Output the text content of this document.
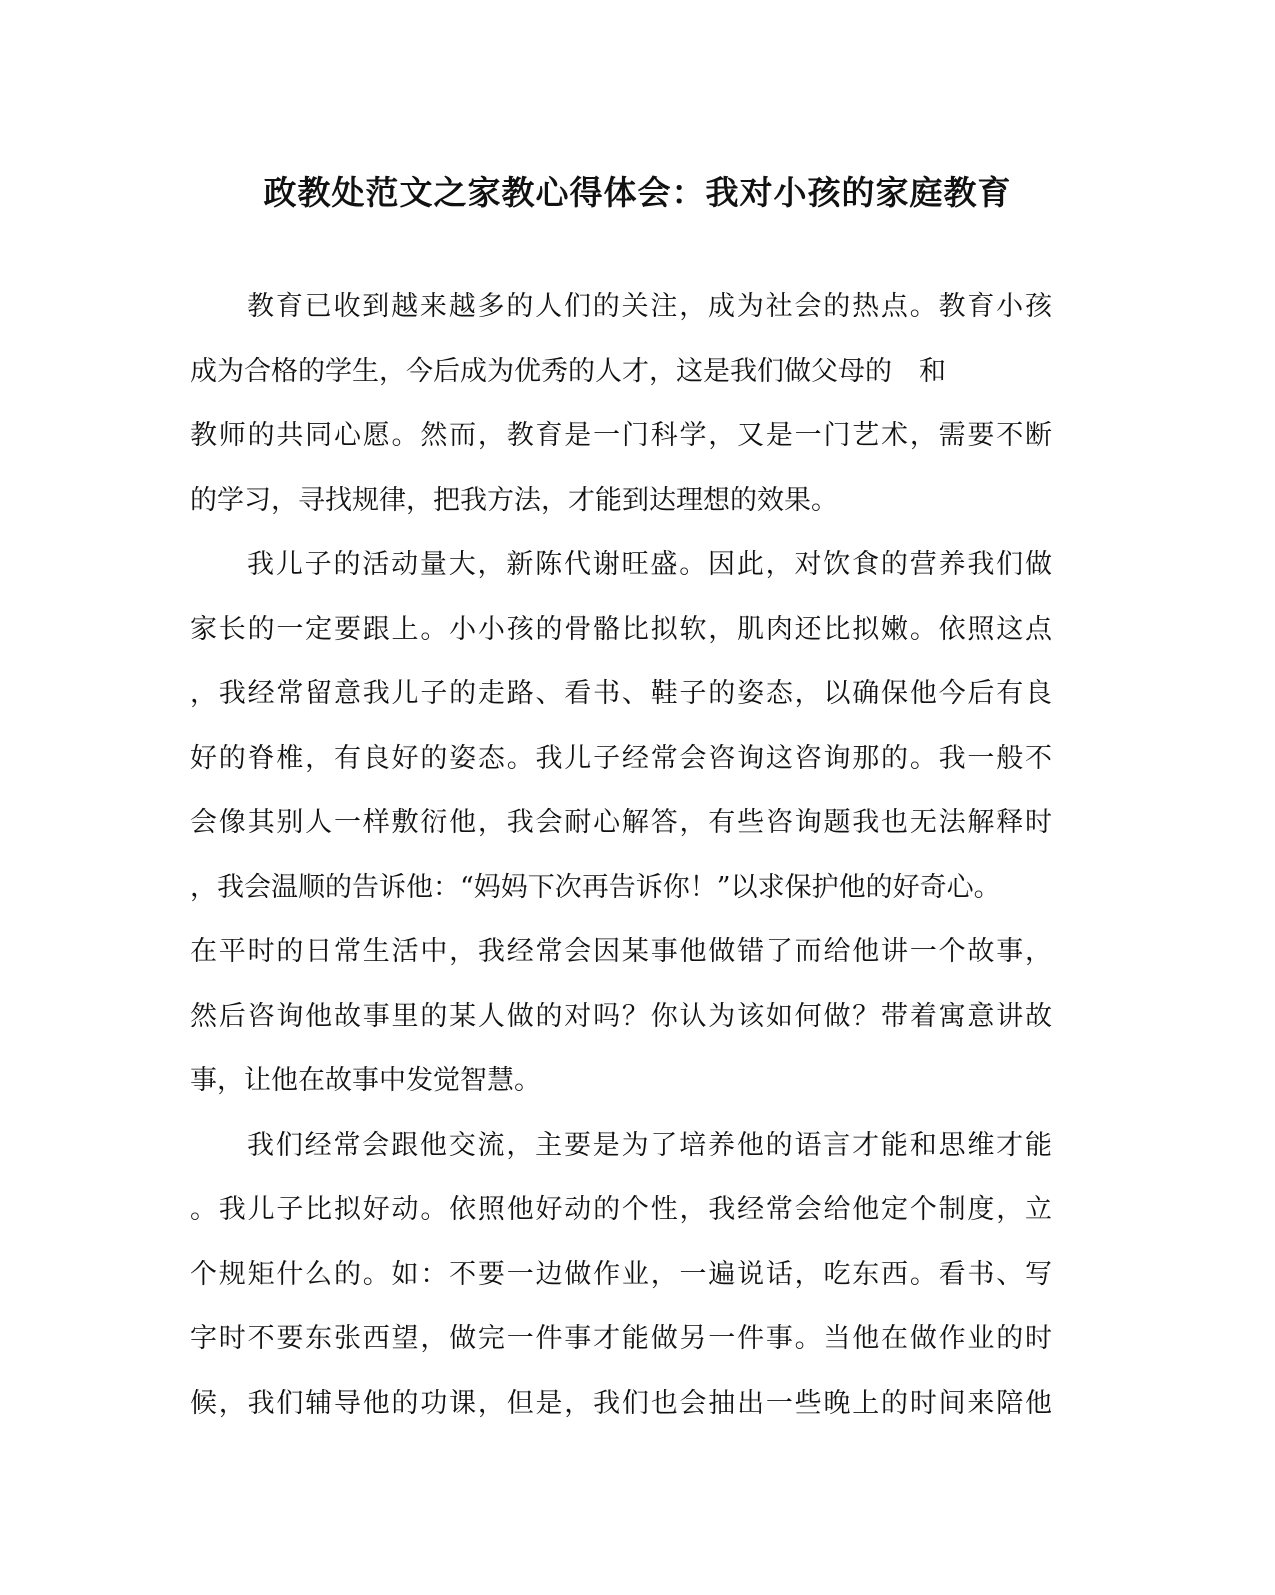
政教处范文之家教心得体会：我对小孩的家庭教育
教育已收到越来越多的人们的关注，成为社会的热点。教育小孩
成为合格的学生，今后成为优秀的人才，这是我们做父母的　和
教师的共同心愿。然而，教育是一门科学，又是一门艺术，需要不断
的学习，寻找规律，把我方法，才能到达理想的效果。
我儿子的活动量大，新陈代谢旺盛。因此，对饮食的营养我们做
家长的一定要跟上。小小孩的骨骼比拟软，肌肉还比拟嫩。依照这点
，我经常留意我儿子的走路、看书、鞋子的姿态，以确保他今后有良
好的脊椎，有良好的姿态。我儿子经常会咨询这咨询那的。我一般不
会像其别人一样敷衍他，我会耐心解答，有些咨询题我也无法解释时
，我会温顺的告诉他：“妈妈下次再告诉你！”以求保护他的好奇心。
在平时的日常生活中，我经常会因某事他做错了而给他讲一个故事，
然后咨询他故事里的某人做的对吗？你认为该如何做？带着寓意讲故
事，让他在故事中发觉智慧。
我们经常会跟他交流，主要是为了培养他的语言才能和思维才能
。我儿子比拟好动。依照他好动的个性，我经常会给他定个制度，立
个规矩什么的。如：不要一边做作业，一遍说话，吃东西。看书、写
字时不要东张西望，做完一件事才能做另一件事。当他在做作业的时
候，我们辅导他的功课，但是，我们也会抽出一些晚上的时间来陪他
